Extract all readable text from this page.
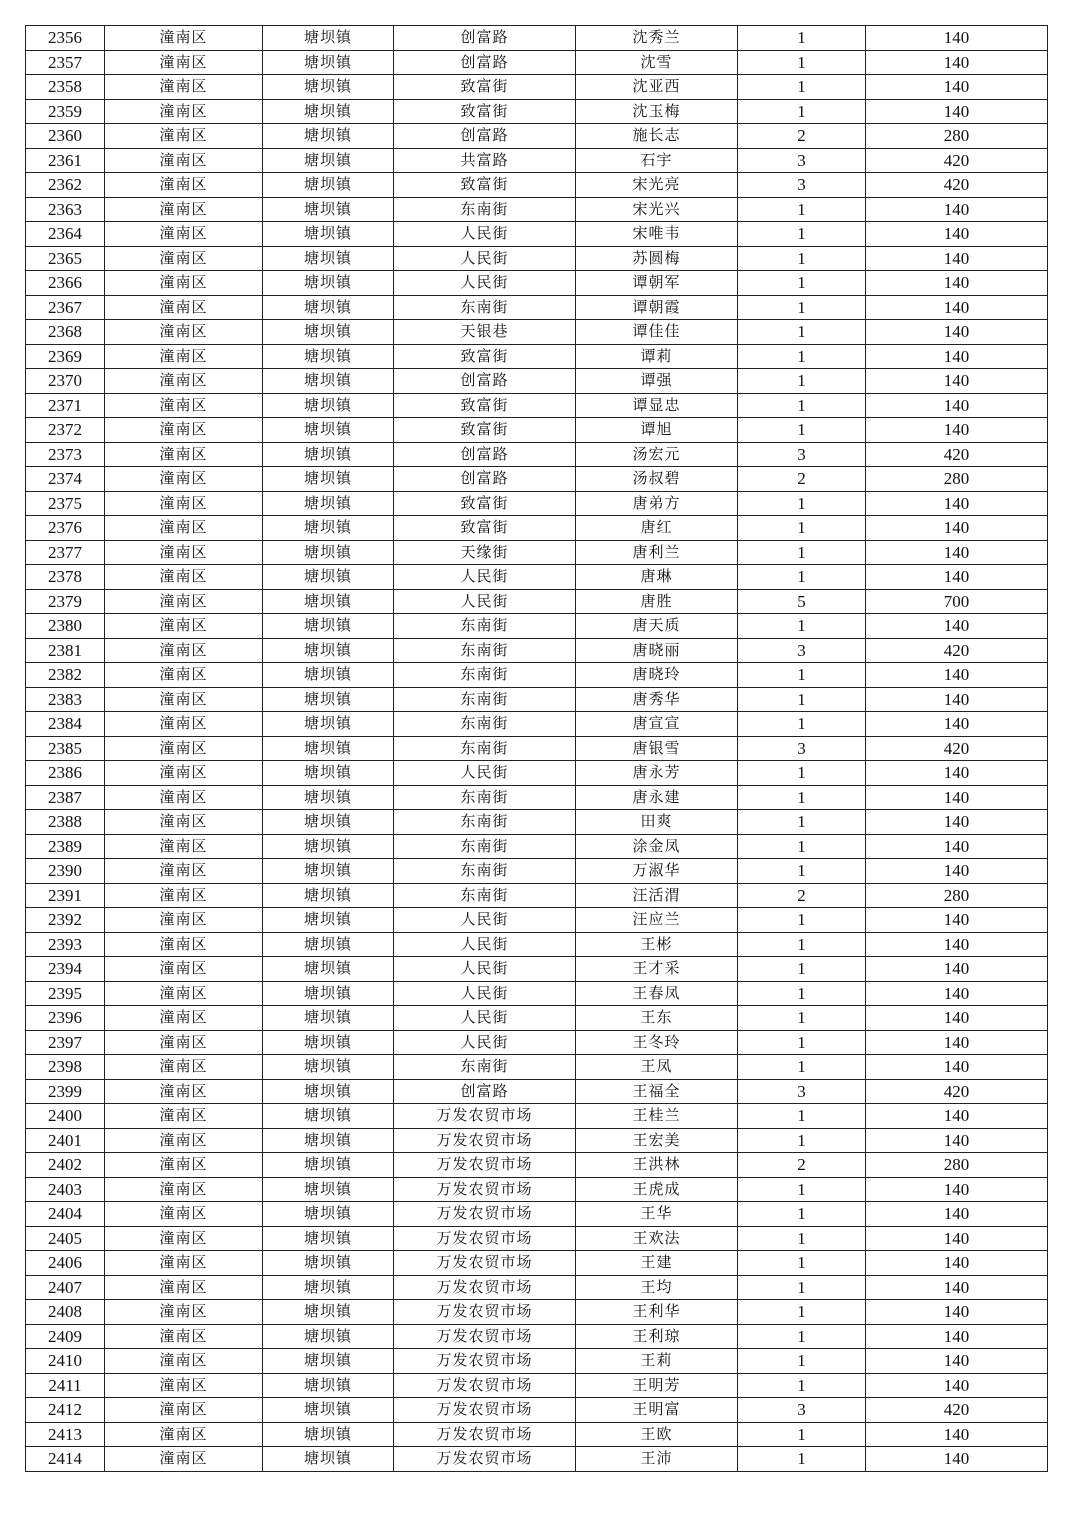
2356	潼南区	塘坝镇	创富路	沈秀兰	1	140
2357	潼南区	塘坝镇	创富路	沈雪	1	140
2358	潼南区	塘坝镇	致富街	沈亚西	1	140
2359	潼南区	塘坝镇	致富街	沈玉梅	1	140
2360	潼南区	塘坝镇	创富路	施长志	2	280
2361	潼南区	塘坝镇	共富路	石宇	3	420
2362	潼南区	塘坝镇	致富街	宋光亮	3	420
2363	潼南区	塘坝镇	东南街	宋光兴	1	140
2364	潼南区	塘坝镇	人民街	宋唯韦	1	140
2365	潼南区	塘坝镇	人民街	苏圆梅	1	140
2366	潼南区	塘坝镇	人民街	谭朝军	1	140
2367	潼南区	塘坝镇	东南街	谭朝霞	1	140
2368	潼南区	塘坝镇	天银巷	谭佳佳	1	140
2369	潼南区	塘坝镇	致富街	谭莉	1	140
2370	潼南区	塘坝镇	创富路	谭强	1	140
2371	潼南区	塘坝镇	致富街	谭显忠	1	140
2372	潼南区	塘坝镇	致富街	谭旭	1	140
2373	潼南区	塘坝镇	创富路	汤宏元	3	420
2374	潼南区	塘坝镇	创富路	汤叔碧	2	280
2375	潼南区	塘坝镇	致富街	唐弟方	1	140
2376	潼南区	塘坝镇	致富街	唐红	1	140
2377	潼南区	塘坝镇	天缘街	唐利兰	1	140
2378	潼南区	塘坝镇	人民街	唐琳	1	140
2379	潼南区	塘坝镇	人民街	唐胜	5	700
2380	潼南区	塘坝镇	东南街	唐天质	1	140
2381	潼南区	塘坝镇	东南街	唐晓丽	3	420
2382	潼南区	塘坝镇	东南街	唐晓玲	1	140
2383	潼南区	塘坝镇	东南街	唐秀华	1	140
2384	潼南区	塘坝镇	东南街	唐宣宣	1	140
2385	潼南区	塘坝镇	东南街	唐银雪	3	420
2386	潼南区	塘坝镇	人民街	唐永芳	1	140
2387	潼南区	塘坝镇	东南街	唐永建	1	140
2388	潼南区	塘坝镇	东南街	田爽	1	140
2389	潼南区	塘坝镇	东南街	涂金凤	1	140
2390	潼南区	塘坝镇	东南街	万淑华	1	140
2391	潼南区	塘坝镇	东南街	汪活渭	2	280
2392	潼南区	塘坝镇	人民街	汪应兰	1	140
2393	潼南区	塘坝镇	人民街	王彬	1	140
2394	潼南区	塘坝镇	人民街	王才采	1	140
2395	潼南区	塘坝镇	人民街	王春凤	1	140
2396	潼南区	塘坝镇	人民街	王东	1	140
2397	潼南区	塘坝镇	人民街	王冬玲	1	140
2398	潼南区	塘坝镇	东南街	王凤	1	140
2399	潼南区	塘坝镇	创富路	王福全	3	420
2400	潼南区	塘坝镇	万发农贸市场	王桂兰	1	140
2401	潼南区	塘坝镇	万发农贸市场	王宏美	1	140
2402	潼南区	塘坝镇	万发农贸市场	王洪林	2	280
2403	潼南区	塘坝镇	万发农贸市场	王虎成	1	140
2404	潼南区	塘坝镇	万发农贸市场	王华	1	140
2405	潼南区	塘坝镇	万发农贸市场	王欢法	1	140
2406	潼南区	塘坝镇	万发农贸市场	王建	1	140
2407	潼南区	塘坝镇	万发农贸市场	王均	1	140
2408	潼南区	塘坝镇	万发农贸市场	王利华	1	140
2409	潼南区	塘坝镇	万发农贸市场	王利琼	1	140
2410	潼南区	塘坝镇	万发农贸市场	王莉	1	140
2411	潼南区	塘坝镇	万发农贸市场	王明芳	1	140
2412	潼南区	塘坝镇	万发农贸市场	王明富	3	420
2413	潼南区	塘坝镇	万发农贸市场	王欧	1	140
2414	潼南区	塘坝镇	万发农贸市场	王沛	1	140
